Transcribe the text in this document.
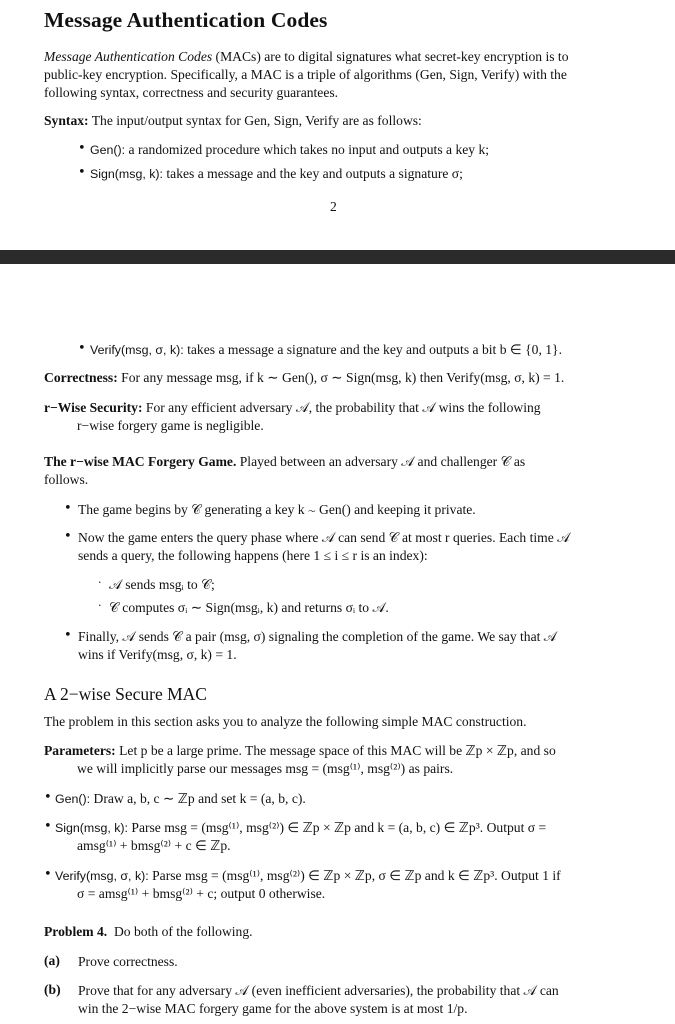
Message Authentication Codes

Message Authentication Codes (MACs) are to digital signatures what secret-key encryption is to

public-key encryption. Specifically, a MAC is a triple of algorithms (Gen, Sign, Verify) with the

following syntax, correctness and security guarantees.

Syntax: The input/output syntax for Gen, Sign, Verify are as follows:

• Gen(): a randomized procedure which takes no input and outputs a key k;

• Sign(msg, k): takes a message and the key and outputs a signature σ;

2
• Verify(msg, σ, k): takes a message a signature and the key and outputs a bit b ∈ {0, 1}.

Correctness: For any message msg, if k ∼ Gen(), σ ∼ Sign(msg, k) then Verify(msg, σ, k) = 1.

r−Wise Security: For any efficient adversary 𝒜, the probability that 𝒜 wins the following

r−wise forgery game is negligible.

The r−wise MAC Forgery Game. Played between an adversary 𝒜 and challenger 𝒞 as

follows.

• The game begins by 𝒞 generating a key k ∼ Gen() and keeping it private.

• Now the game enters the query phase where 𝒜 can send 𝒞 at most r queries. Each time 𝒜

sends a query, the following happens (here 1 ≤ i ≤ r is an index):

· 𝒜 sends msgᵢ to 𝒞;

· 𝒞 computes σᵢ ∼ Sign(msgᵢ, k) and returns σᵢ to 𝒜.

• Finally, 𝒜 sends 𝒞 a pair (msg, σ) signaling the completion of the game. We say that 𝒜

wins if Verify(msg, σ, k) = 1.

A 2−wise Secure MAC

The problem in this section asks you to analyze the following simple MAC construction.

Parameters: Let p be a large prime. The message space of this MAC will be ℤp × ℤp, and so

we will implicitly parse our messages msg = (msg⁽¹⁾, msg⁽²⁾) as pairs.

• Gen(): Draw a, b, c ∼ ℤp and set k = (a, b, c).

• Sign(msg, k): Parse msg = (msg⁽¹⁾, msg⁽²⁾) ∈ ℤp × ℤp and k = (a, b, c) ∈ ℤp³. Output σ =

amsg⁽¹⁾ + bmsg⁽²⁾ + c ∈ ℤp.

• Verify(msg, σ, k): Parse msg = (msg⁽¹⁾, msg⁽²⁾) ∈ ℤp × ℤp, σ ∈ ℤp and k ∈ ℤp³. Output 1 if

σ = amsg⁽¹⁾ + bmsg⁽²⁾ + c; output 0 otherwise.

Problem 4. Do both of the following.

(a) Prove correctness.

(b) Prove that for any adversary 𝒜 (even inefficient adversaries), the probability that 𝒜 can

win the 2−wise MAC forgery game for the above system is at most 1/p.
